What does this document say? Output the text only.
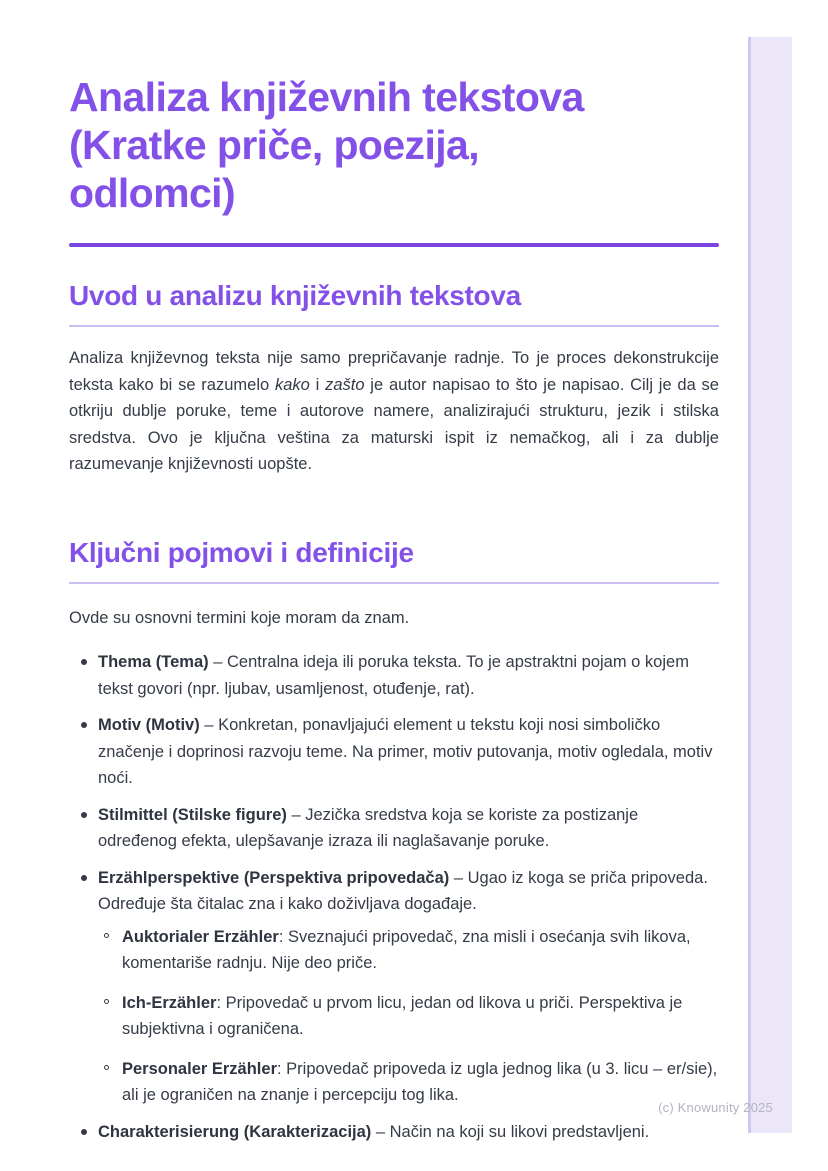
Analiza književnih tekstova
(Kratke priče, poezija,
odlomci)
Uvod u analizu književnih tekstova

Analiza književnog teksta nije samo prepričavanje radnje. To je proces dekonstrukcije teksta kako bi se razumelo kako i zašto je autor napisao to što je napisao. Cilj je da se otkriju dublje poruke, teme i autorove namere, analizirajući strukturu, jezik i stilska sredstva. Ovo je ključna veština za maturski ispit iz nemačkog, ali i za dublje razumevanje književnosti uopšte.

Ključni pojmovi i definicije

Ovde su osnovni termini koje moram da znam.

Thema (Tema) – Centralna ideja ili poruka teksta. To je apstraktni pojam o kojem tekst govori (npr. ljubav, usamljenost, otuđenje, rat).
Motiv (Motiv) – Konkretan, ponavljajući element u tekstu koji nosi simboličko značenje i doprinosi razvoju teme. Na primer, motiv putovanja, motiv ogledala, motiv noći.
Stilmittel (Stilske figure) – Jezička sredstva koja se koriste za postizanje određenog efekta, ulepšavanje izraza ili naglašavanje poruke.
Erzählperspektive (Perspektiva pripovedača) – Ugao iz koga se priča pripoveda. Određuje šta čitalac zna i kako doživljava događaje.
Auktorialer Erzähler: Sveznajući pripovedač, zna misli i osećanja svih likova, komentariše radnju. Nije deo priče.
Ich-Erzähler: Pripovedač u prvom licu, jedan od likova u priči. Perspektiva je subjektivna i ograničena.
Personaler Erzähler: Pripovedač pripoveda iz ugla jednog lika (u 3. licu – er/sie), ali je ograničen na znanje i percepciju tog lika.
Charakterisierung (Karakterizacija) – Način na koji su likovi predstavljeni.
(c) Knowunity 2025
